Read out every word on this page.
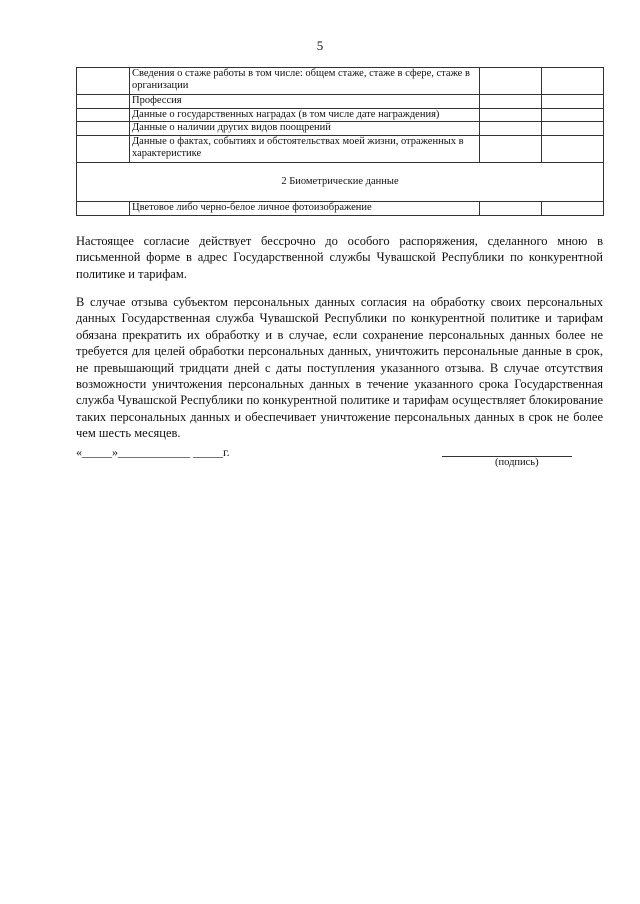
5
	Сведения о стаже работы в том числе: общем стаже, стаже в сфере, стаже в организации		
	Профессия		
	Данные о государственных наградах (в том числе дате награждения)		
	Данные о наличии других видов поощрений		
	Данные о фактах, событиях и обстоятельствах моей жизни, отраженных в характеристике		
2 Биометрические данные			
	Цветовое либо черно-белое личное фотоизображение		
Настоящее согласие действует бессрочно до особого распоряжения, сделанного мною в письменной форме в адрес Государственной службы Чувашской Республики по конкурентной политике и тарифам.
В случае отзыва субъектом персональных данных согласия на обработку своих персональных данных Государственная служба Чувашской Республики по конкурентной политике и тарифам обязана прекратить их обработку и в случае, если сохранение персональных данных более не требуется для целей обработки персональных данных, уничтожить персональные данные в срок, не превышающий тридцати дней с даты поступления указанного отзыва. В случае отсутствия возможности уничтожения персональных данных в течение указанного срока Государственная служба Чувашской Республики по конкурентной политике и тарифам осуществляет блокирование таких персональных данных и обеспечивает уничтожение персональных данных в срок не более чем шесть месяцев.
«_____»____________ _____г.
(подпись)
